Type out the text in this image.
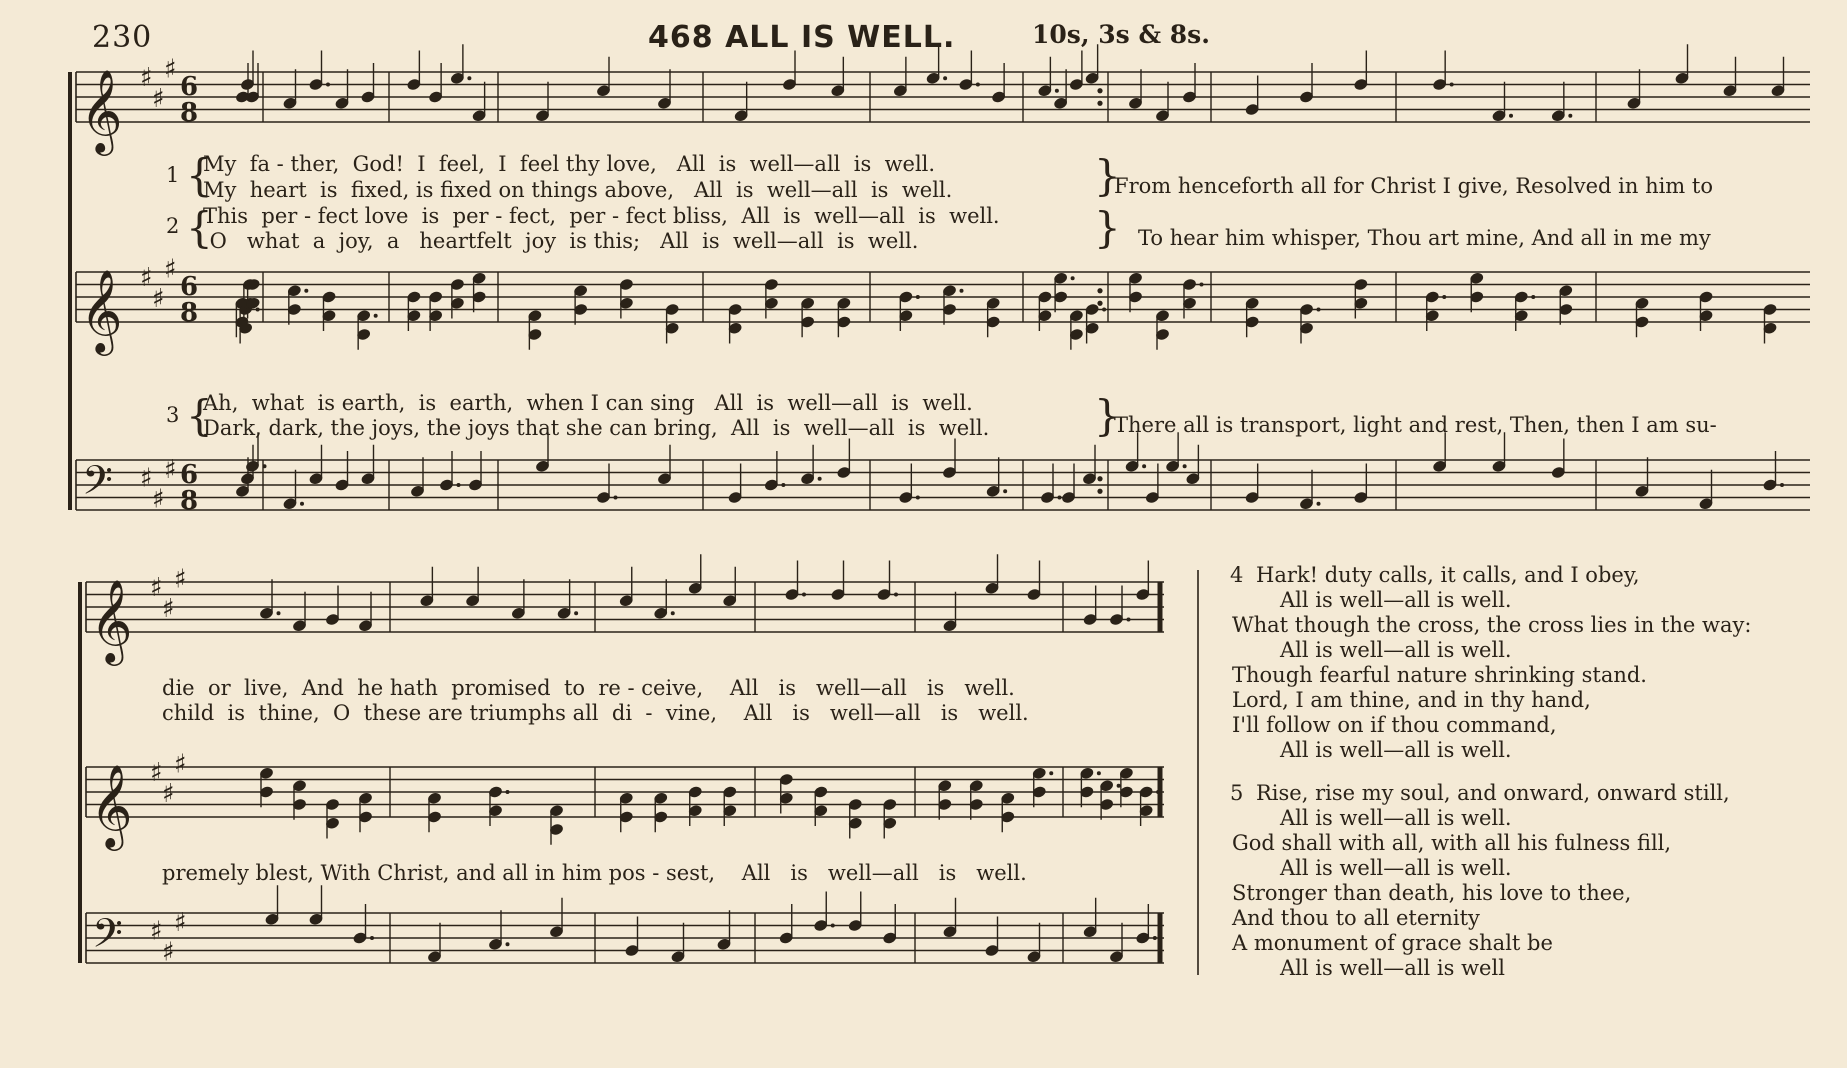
230	468 ALL IS WELL.	10s, 3s & 8s.
𝄞 ♯
♯
♯
6
8
𝄞 ♯
♯
♯
6
8
𝄢 ♯
♯
♯ 6
8
𝄞 ♯
♯
♯
𝄞 ♯
♯
♯
𝄢 ♯
♯
♯
1 {
My  fa - ther,  God!  I  feel,  I  feel thy love,   All  is  well—all  is  well.
My  heart  is  fixed, is fixed on things above,   All  is  well—all  is  well.	}
From henceforth all for Christ I give, Resolved in him to
2 {
This  per - fect love  is  per - fect,  per - fect bliss,  All  is  well—all  is  well.
O   what  a  joy,  a   heartfelt  joy  is this;   All  is  well—all  is  well.	} To hear him whisper, Thou art mine, And all in me my
3 {
Ah,  what  is earth,  is  earth,  when I can sing   All  is  well—all  is  well.
Dark, dark, the joys, the joys that she can bring,  All  is  well—all  is  well. }
There all is transport, light and rest, Then, then I am su-
die  or  live,  And  he hath  promised  to  re - ceive,    All   is   well—all   is   well.
child  is  thine,  O  these are triumphs all  di  -  vine,    All   is   well—all   is   well.
premely blest, With Christ, and all in him pos - sest,    All   is   well—all   is   well.
4 Hark! duty calls, it calls, and I obey,
All is well—all is well.
What though the cross, the cross lies in the way:
All is well—all is well.
Though fearful nature shrinking stand.
Lord, I am thine, and in thy hand,
I'll follow on if thou command,
All is well—all is well.
5 Rise, rise my soul, and onward, onward still,
All is well—all is well.
God shall with all, with all his fulness fill,
All is well—all is well.
Stronger than death, his love to thee,
And thou to all eternity
A monument of grace shalt be
All is well—all is well
